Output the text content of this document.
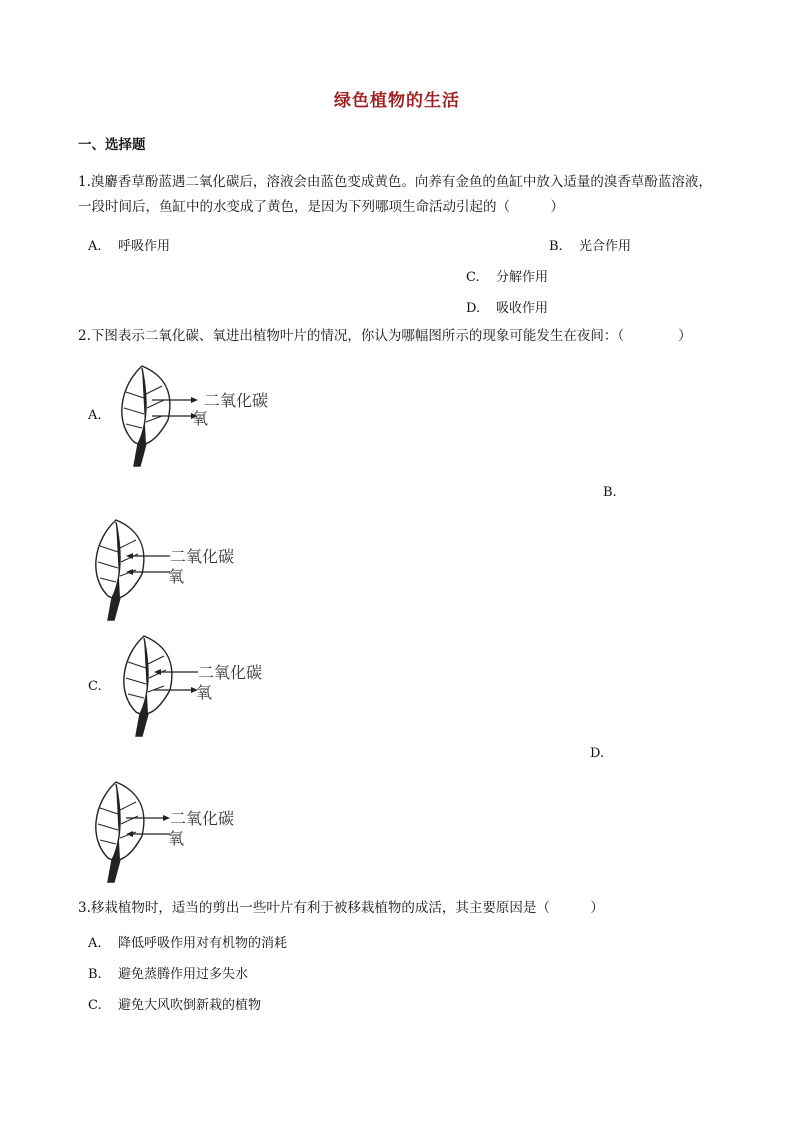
绿色植物的生活
一、选择题
1.溴麝香草酚蓝遇二氧化碳后，溶液会由蓝色变成黄色。向养有金鱼的鱼缸中放入适量的溴香草酚蓝溶液，
一段时间后，鱼缸中的水变成了黄色，是因为下列哪项生命活动引起的（　　　）
A. 呼吸作用	B. 光合作用
C. 分解作用
D. 吸收作用
2.下图表示二氧化碳、氧进出植物叶片的情况，你认为哪幅图所示的现象可能发生在夜间：（　　　　）
A.
二氧化碳
氧
B.
二氧化碳
氧
C.
二氧化碳
氧
D.
二氧化碳
氧
3.移栽植物时，适当的剪出一些叶片有利于被移栽植物的成活，其主要原因是（　　　）
A. 降低呼吸作用对有机物的消耗
B. 避免蒸腾作用过多失水
C. 避免大风吹倒新栽的植物
